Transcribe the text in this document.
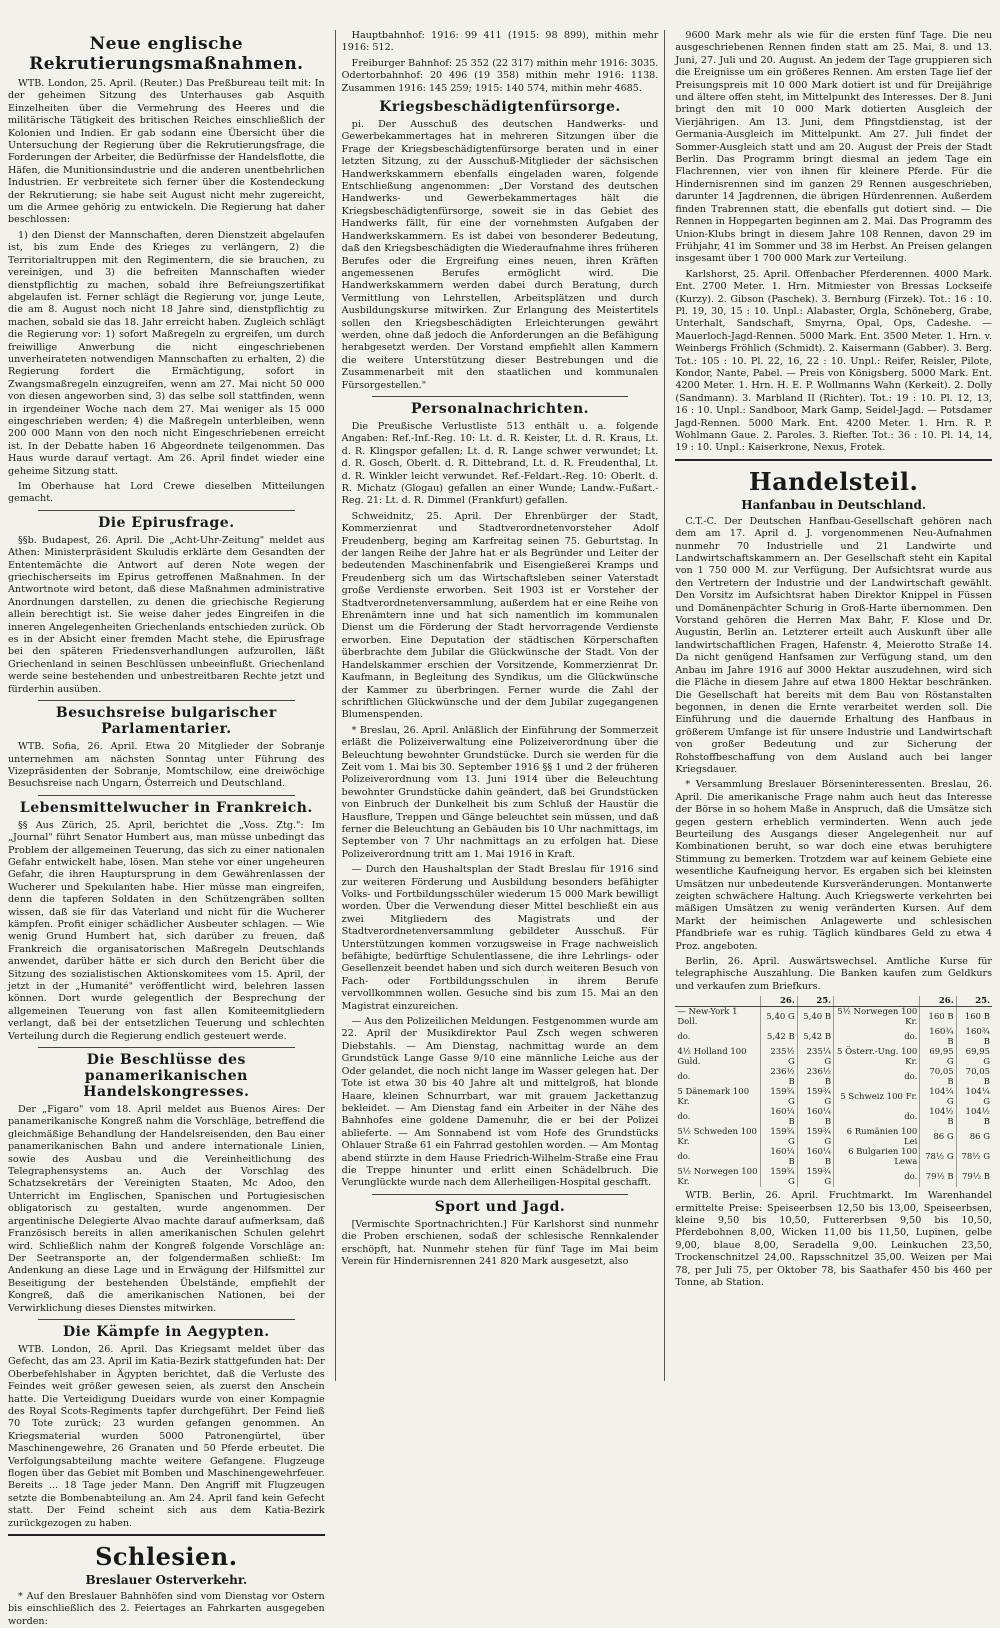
Neue englische Rekrutierungsmaßnahmen.

WTB. London, 25. April. (Reuter.) Das Preßbureau teilt mit: In der geheimen Sitzung des Unterhauses gab Asquith Einzelheiten über die Vermehrung des Heeres und die militärische Tätigkeit des britischen Reiches einschließlich der Kolonien und Indien. Er gab sodann eine Übersicht über die Untersuchung der Regierung über die Rekrutierungsfrage, die Forderungen der Arbeiter, die Bedürfnisse der Handelsflotte, die Häfen, die Munitionsindustrie und die anderen unentbehrlichen Industrien. Er verbreitete sich ferner über die Kostendeckung der Rekrutierung; sie habe seit August nicht mehr zugereicht, um die Armee gehörig zu entwickeln. Die Regierung hat daher beschlossen:

1) den Dienst der Mannschaften, deren Dienstzeit abgelaufen ist, bis zum Ende des Krieges zu verlängern, 2) die Territorialtruppen mit den Regimentern, die sie brauchen, zu vereinigen, und 3) die befreiten Mannschaften wieder dienstpflichtig zu machen, sobald ihre Befreiungszertifikat abgelaufen ist. Ferner schlägt die Regierung vor, junge Leute, die am 8. August noch nicht 18 Jahre sind, dienstpflichtig zu machen, sobald sie das 18. Jahr erreicht haben. Zugleich schlägt die Regierung vor: 1) sofort Maßregeln zu ergreifen, um durch freiwillige Anwerbung die nicht eingeschriebenen unverheirateten notwendigen Mannschaften zu erhalten, 2) die Regierung fordert die Ermächtigung, sofort in Zwangsmaßregeln einzugreifen, wenn am 27. Mai nicht 50 000 von diesen angeworben sind, 3) das selbe soll stattfinden, wenn in irgendeiner Woche nach dem 27. Mai weniger als 15 000 eingeschrieben werden; 4) die Maßregeln unterbleiben, wenn 200 000 Mann von den noch nicht Eingeschriebenen erreicht ist. In der Debatte haben 16 Abgeordnete teilgenommen. Das Haus wurde darauf vertagt. Am 26. April findet wieder eine geheime Sitzung statt.

Im Oberhause hat Lord Crewe dieselben Mitteilungen gemacht.

Die Epirusfrage.

§§b. Budapest, 26. April. Die „Acht-Uhr-Zeitung" meldet aus Athen: Ministerpräsident Skuludis erklärte dem Gesandten der Ententemächte die Antwort auf deren Note wegen der griechischerseits im Epirus getroffenen Maßnahmen. In der Antwortnote wird betont, daß diese Maßnahmen administrative Anordnungen darstellen, zu denen die griechische Regierung allein berechtigt ist. Sie weise daher jedes Eingreifen in die inneren Angelegenheiten Griechenlands entschieden zurück. Ob es in der Absicht einer fremden Macht stehe, die Epirusfrage bei den späteren Friedensverhandlungen aufzurollen, läßt Griechenland in seinen Beschlüssen unbeeinflußt. Griechenland werde seine bestehenden und unbestreitbaren Rechte jetzt und fürderhin ausüben.

Besuchsreise bulgarischer Parlamentarier.

WTB. Sofia, 26. April. Etwa 20 Mitglieder der Sobranje unternehmen am nächsten Sonntag unter Führung des Vizepräsidenten der Sobranje, Momtschilow, eine dreiwöchige Besuchsreise nach Ungarn, Österreich und Deutschland.

Lebensmittelwucher in Frankreich.

§§ Aus Zürich, 25. April, berichtet die „Voss. Ztg.": Im „Journal" führt Senator Humbert aus, man müsse unbedingt das Problem der allgemeinen Teuerung, das sich zu einer nationalen Gefahr entwickelt habe, lösen. Man stehe vor einer ungeheuren Gefahr, die ihren Hauptursprung in dem Gewährenlassen der Wucherer und Spekulanten habe. Hier müsse man eingreifen, denn die tapferen Soldaten in den Schützengräben sollten wissen, daß sie für das Vaterland und nicht für die Wucherer kämpfen. Profit einiger schädlicher Ausbeuter schlagen. — Wie wenig Grund Humbert hat, sich darüber zu freuen, daß Frankreich die organisatorischen Maßregeln Deutschlands anwendet, darüber hätte er sich durch den Bericht über die Sitzung des sozialistischen Aktionskomitees vom 15. April, der jetzt in der „Humanité" veröffentlicht wird, belehren lassen können. Dort wurde gelegentlich der Besprechung der allgemeinen Teuerung von fast allen Komiteemitgliedern verlangt, daß bei der entsetzlichen Teuerung und schlechten Verteilung durch die Regierung endlich gesteuert werde.

Die Beschlüsse des panamerikanischen Handelskongresses.

Der „Figaro" vom 18. April meldet aus Buenos Aires: Der panamerikanische Kongreß nahm die Vorschläge, betreffend die gleichmäßige Behandlung der Handelsreisenden, den Bau einer panamerikanischen Bahn und andere internationale Linien, sowie des Ausbau und die Vereinheitlichung des Telegraphensystems an. Auch der Vorschlag des Schatzsekretärs der Vereinigten Staaten, Mc Adoo, den Unterricht im Englischen, Spanischen und Portugiesischen obligatorisch zu gestalten, wurde angenommen. Der argentinische Delegierte Alvao machte darauf aufmerksam, daß Französisch bereits in allen amerikanischen Schulen gelehrt wird. Schließlich nahm der Kongreß folgende Vorschläge an: Der Seetransporte an, der folgendermaßen schließt: Im Andenkung an diese Lage und in Erwägung der Hilfsmittel zur Beseitigung der bestehenden Übelstände, empfiehlt der Kongreß, daß die amerikanischen Nationen, bei der Verwirklichung dieses Dienstes mitwirken.

Die Kämpfe in Aegypten.

WTB. London, 26. April. Das Kriegsamt meldet über das Gefecht, das am 23. April im Katia-Bezirk stattgefunden hat: Der Oberbefehlshaber in Ägypten berichtet, daß die Verluste des Feindes weit größer gewesen seien, als zuerst den Anschein hatte. Die Verteidigung Dueidars wurde von einer Kompagnie des Royal Scots-Regiments tapfer durchgeführt. Der Feind ließ 70 Tote zurück; 23 wurden gefangen genommen. An Kriegsmaterial wurden 5000 Patronengürtel, über Maschinengewehre, 26 Granaten und 50 Pferde erbeutet. Die Verfolgungsabteilung machte weitere Gefangene. Flugzeuge flogen über das Gebiet mit Bomben und Maschinengewehrfeuer. Bereits ... 18 Tage jeder Mann. Den Angriff mit Flugzeugen setzte die Bombenabteilung an. Am 24. April fand kein Gefecht statt. Der Feind scheint sich aus dem Katia-Bezirk zurückgezogen zu haben.

Schlesien.
Breslauer Osterverkehr.

* Auf den Breslauer Bahnhöfen sind vom Dienstag vor Ostern bis einschließlich des 2. Feiertages an Fahrkarten ausgegeben worden:

Hauptbahnhof: 1916: 99 411 (1915: 98 899), mithin mehr 1916: 512.

Freiburger Bahnhof: 25 352 (22 317) mithin mehr 1916: 3035. Odertorbahnhof: 20 496 (19 358) mithin mehr 1916: 1138. Zusammen 1916: 145 259; 1915: 140 574, mithin mehr 4685.

Kriegsbeschädigtenfürsorge.

pi. Der Ausschuß des deutschen Handwerks- und Gewerbekammertages hat in mehreren Sitzungen über die Frage der Kriegsbeschädigtenfürsorge beraten und in einer letzten Sitzung, zu der Ausschuß-Mitglieder der sächsischen Handwerkskammern ebenfalls eingeladen waren, folgende Entschließung angenommen: „Der Vorstand des deutschen Handwerks- und Gewerbekammertages hält die Kriegsbeschädigtenfürsorge, soweit sie in das Gebiet des Handwerks fällt, für eine der vornehmsten Aufgaben der Handwerkskammern. Es ist dabei von besonderer Bedeutung, daß den Kriegsbeschädigten die Wiederaufnahme ihres früheren Berufes oder die Ergreifung eines neuen, ihren Kräften angemessenen Berufes ermöglicht wird. Die Handwerkskammern werden dabei durch Beratung, durch Vermittlung von Lehrstellen, Arbeitsplätzen und durch Ausbildungskurse mitwirken. Zur Erlangung des Meistertitels sollen den Kriegsbeschädigten Erleichterungen gewährt werden, ohne daß jedoch die Anforderungen an die Befähigung herabgesetzt werden. Der Vorstand empfiehlt allen Kammern die weitere Unterstützung dieser Bestrebungen und die Zusammenarbeit mit den staatlichen und kommunalen Fürsorgestellen."

Personalnachrichten.

Die Preußische Verlustliste 513 enthält u. a. folgende Angaben: Ref.-Inf.-Reg. 10: Lt. d. R. Keister, Lt. d. R. Kraus, Lt. d. R. Klingspor gefallen; Lt. d. R. Lange schwer verwundet; Lt. d. R. Gosch, Oberlt. d. R. Dittebrand, Lt. d. R. Freudenthal, Lt. d. R. Winkler leicht verwundet. Ref.-Feldart.-Reg. 10: Oberlt. d. R. Michatz (Glogau) gefallen an einer Wunde; Landw.-Fußart.-Reg. 21: Lt. d. R. Dimmel (Frankfurt) gefallen.

Schweidnitz, 25. April. Der Ehrenbürger der Stadt, Kommerzienrat und Stadtverordnetenvorsteher Adolf Freudenberg, beging am Karfreitag seinen 75. Geburtstag. In der langen Reihe der Jahre hat er als Begründer und Leiter der bedeutenden Maschinenfabrik und Eisengießerei Kramps und Freudenberg sich um das Wirtschaftsleben seiner Vaterstadt große Verdienste erworben. Seit 1903 ist er Vorsteher der Stadtverordnetenversammlung, außerdem hat er eine Reihe von Ehrenämtern inne und hat sich namentlich im kommunalen Dienst um die Förderung der Stadt hervorragende Verdienste erworben. Eine Deputation der städtischen Körperschaften überbrachte dem Jubilar die Glückwünsche der Stadt. Von der Handelskammer erschien der Vorsitzende, Kommerzienrat Dr. Kaufmann, in Begleitung des Syndikus, um die Glückwünsche der Kammer zu überbringen. Ferner wurde die Zahl der schriftlichen Glückwünsche und der dem Jubilar zugegangenen Blumenspenden.

* Breslau, 26. April. Anläßlich der Einführung der Sommerzeit erläßt die Polizeiverwaltung eine Polizeiverordnung über die Beleuchtung bewohnter Grundstücke. Durch sie werden für die Zeit vom 1. Mai bis 30. September 1916 §§ 1 und 2 der früheren Polizeiverordnung vom 13. Juni 1914 über die Beleuchtung bewohnter Grundstücke dahin geändert, daß bei Grundstücken von Einbruch der Dunkelheit bis zum Schluß der Haustür die Hausflure, Treppen und Gänge beleuchtet sein müssen, und daß ferner die Beleuchtung an Gebäuden bis 10 Uhr nachmittags, im September von 7 Uhr nachmittags an zu erfolgen hat. Diese Polizeiverordnung tritt am 1. Mai 1916 in Kraft.

— Durch den Haushaltsplan der Stadt Breslau für 1916 sind zur weiteren Förderung und Ausbildung besonders befähigter Volks- und Fortbildungsschüler wiederum 15 000 Mark bewilligt worden. Über die Verwendung dieser Mittel beschließt ein aus zwei Mitgliedern des Magistrats und der Stadtverordnetenversammlung gebildeter Ausschuß. Für Unterstützungen kommen vorzugsweise in Frage nachweislich befähigte, bedürftige Schulentlassene, die ihre Lehrlings- oder Gesellenzeit beendet haben und sich durch weiteren Besuch von Fach- oder Fortbildungsschulen in ihrem Berufe vervollkommnen wollen. Gesuche sind bis zum 15. Mai an den Magistrat einzureichen.

— Aus den Polizeilichen Meldungen. Festgenommen wurde am 22. April der Musikdirektor Paul Zsch wegen schweren Diebstahls. — Am Dienstag, nachmittag wurde an dem Grundstück Lange Gasse 9/10 eine männliche Leiche aus der Oder gelandet, die noch nicht lange im Wasser gelegen hat. Der Tote ist etwa 30 bis 40 Jahre alt und mittelgroß, hat blonde Haare, kleinen Schnurrbart, war mit grauem Jackettanzug bekleidet. — Am Dienstag fand ein Arbeiter in der Nähe des Bahnhofes eine goldene Damenuhr, die er bei der Polizei ablieferte. — Am Sonnabend ist vom Hofe des Grundstücks Ohlauer Straße 61 ein Fahrrad gestohlen worden. — Am Montag abend stürzte in dem Hause Friedrich-Wilhelm-Straße eine Frau die Treppe hinunter und erlitt einen Schädelbruch. Die Verunglückte wurde nach dem Allerheiligen-Hospital geschafft.

Sport und Jagd.

[Vermischte Sportnachrichten.] Für Karlshorst sind nunmehr die Proben erschienen, sodaß der schlesische Rennkalender erschöpft, hat. Nunmehr stehen für fünf Tage im Mai beim Verein für Hindernisrennen 241 820 Mark ausgesetzt, also

9600 Mark mehr als wie für die ersten fünf Tage. Die neu ausgeschriebenen Rennen finden statt am 25. Mai, 8. und 13. Juni, 27. Juli und 20. August. An jedem der Tage gruppieren sich die Ereignisse um ein größeres Rennen. Am ersten Tage lief der Preisungspreis mit 10 000 Mark dotiert ist und für Dreijährige und ältere offen steht, im Mittelpunkt des Interesses. Der 8. Juni bringt den mit 10 000 Mark dotierten Ausgleich der Vierjährigen. Am 13. Juni, dem Pfingstdienstag, ist der Germania-Ausgleich im Mittelpunkt. Am 27. Juli findet der Sommer-Ausgleich statt und am 20. August der Preis der Stadt Berlin. Das Programm bringt diesmal an jedem Tage ein Flachrennen, vier von ihnen für kleinere Pferde. Für die Hindernisrennen sind im ganzen 29 Rennen ausgeschrieben, darunter 14 Jagdrennen, die übrigen Hürdenrennen. Außerdem finden Trabrennen statt, die ebenfalls gut dotiert sind. — Die Rennen in Hoppegarten beginnen am 2. Mai. Das Programm des Union-Klubs bringt in diesem Jahre 108 Rennen, davon 29 im Frühjahr, 41 im Sommer und 38 im Herbst. An Preisen gelangen insgesamt über 1 700 000 Mark zur Verteilung.

Karlshorst, 25. April. Offenbacher Pferderennen. 4000 Mark. Ent. 2700 Meter. 1. Hrn. Mitmiester von Bressas Lockseife (Kurzy). 2. Gibson (Paschek). 3. Bernburg (Firzek). Tot.: 16 : 10. Pl. 19, 30, 15 : 10. Unpl.: Alabaster, Orgla, Schöneberg, Grabe, Unterhalt, Sandschaft, Smyrna, Opal, Ops, Cadeshe. — Mauerloch-Jagd-Rennen. 5000 Mark. Ent. 3500 Meter. 1. Hrn. v. Weinbergs Fröhlich (Schmidt). 2. Kaisermann (Gabber). 3. Berg. Tot.: 105 : 10. Pl. 22, 16, 22 : 10. Unpl.: Reifer, Reisler, Pilote, Kondor, Nante, Pabel. — Preis von Königsberg. 5000 Mark. Ent. 4200 Meter. 1. Hrn. H. E. P. Wollmanns Wahn (Kerkeit). 2. Dolly (Sandmann). 3. Marbland II (Richter). Tot.: 19 : 10. Pl. 12, 13, 16 : 10. Unpl.: Sandboor, Mark Gamp, Seidel-Jagd. — Potsdamer Jagd-Rennen. 5000 Mark. Ent. 4200 Meter. 1. Hrn. R. P. Wohlmann Gaue. 2. Paroles. 3. Riefter. Tot.: 36 : 10. Pl. 14, 14, 19 : 10. Unpl.: Kaiserkrone, Nexus, Frotek.

Handelsteil.
Hanfanbau in Deutschland.

C.T.-C. Der Deutschen Hanfbau-Gesellschaft gehören nach dem am 17. April d. J. vorgenommenen Neu-Aufnahmen nunmehr 70 Industrielle und 21 Landwirte und Landwirtschaftskammern an. Der Gesellschaft steht ein Kapital von 1 750 000 M. zur Verfügung. Der Aufsichtsrat wurde aus den Vertretern der Industrie und der Landwirtschaft gewählt. Den Vorsitz im Aufsichtsrat haben Direktor Knippel in Füssen und Domänenpächter Schurig in Groß-Harte übernommen. Den Vorstand gehören die Herren Max Bahr, F. Klose und Dr. Augustin, Berlin an. Letzterer erteilt auch Auskunft über alle landwirtschaftlichen Fragen, Hafenstr. 4, Meierotto Straße 14. Da nicht genügend Hanfsamen zur Verfügung stand, um den Anbau im Jahre 1916 auf 3000 Hektar auszudehnen, wird sich die Fläche in diesem Jahre auf etwa 1800 Hektar beschränken. Die Gesellschaft hat bereits mit dem Bau von Röstanstalten begonnen, in denen die Ernte verarbeitet werden soll. Die Einführung und die dauernde Erhaltung des Hanfbaus in größerem Umfange ist für unsere Industrie und Landwirtschaft von großer Bedeutung und zur Sicherung der Rohstoffbeschaffung von dem Ausland auch bei langer Kriegsdauer.

* Versammlung Breslauer Börseninteressenten. Breslau, 26. April. Die amerikanische Frage nahm auch heut das Interesse der Börse in so hohem Maße in Anspruch, daß die Umsätze sich gegen gestern erheblich verminderten. Wenn auch jede Beurteilung des Ausgangs dieser Angelegenheit nur auf Kombinationen beruht, so war doch eine etwas beruhigtere Stimmung zu bemerken. Trotzdem war auf keinem Gebiete eine wesentliche Kaufneigung hervor. Es ergaben sich bei kleinsten Umsätzen nur unbedeutende Kursveränderungen. Montanwerte zeigten schwächere Haltung. Auch Kriegswerte verkehrten bei mäßigen Umsätzen zu wenig veränderten Kursen. Auf dem Markt der heimischen Anlagewerte und schlesischen Pfandbriefe war es ruhig. Täglich kündbares Geld zu etwa 4 Proz. angeboten.

Berlin, 26. April. Auswärtswechsel. Amtliche Kurse für telegraphische Auszahlung. Die Banken kaufen zum Geldkurs und verkaufen zum Briefkurs.

	26.	25.		26.	25.
— New-York 1 Doll.	5,40 G	5,40 B	5½ Norwegen 100 Kr.	160 B	160 B
do.	5,42 B	5,42 B	do.	160¾ B	160¾ B
4½ Holland 100 Guld.	235½ G	235¼ G	5 Österr.-Ung. 100 Kr.	69,95 G	69,95 G
do.	236½ B	236½ B	do.	70,05 B	70,05 B
5 Dänemark 100 Kr.	159¾ G	159¾ G	5 Schweiz 100 Fr.	104¼ G	104¼ G
do.	160¼ B	160¼ B	do.	104½ B	104½ B
5½ Schweden 100 Kr.	159¾ G	159¾ G	6 Rumänien 100 Lei	86 G	86 G
do.	160¼ B	160¼ B	6 Bulgarien 100 Lewa	78½ G	78½ G
5½ Norwegen 100 Kr.	159¾ G	159¾ G	do.	79½ B	79½ B

WTB. Berlin, 26. April. Fruchtmarkt. Im Warenhandel ermittelte Preise: Speiseerbsen 12,50 bis 13,00, Speiseerbsen, kleine 9,50 bis 10,50, Futtererbsen 9,50 bis 10,50, Pferdebohnen 8,00, Wicken 11,00 bis 11,50, Lupinen, gelbe 9,00, blaue 8,00, Seradella 9,00. Leinkuchen 23,50, Trockenschnitzel 24,00. Rapsschnitzel 35,00. Weizen per Mai 78, per Juli 75, per Oktober 78, bis Saathafer 450 bis 460 per Tonne, ab Station.
